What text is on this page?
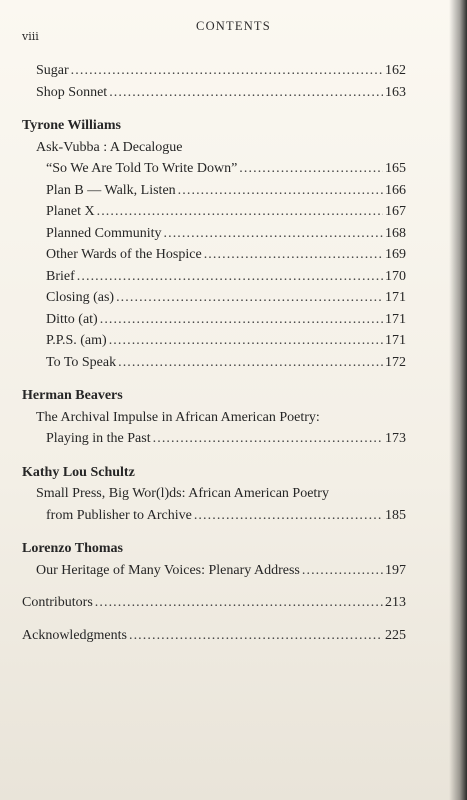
viii
CONTENTS
Sugar . . .	162
Shop Sonnet . . .	163
Tyrone Williams
Ask-Vubba : A Decalogue
“So We Are Told To Write Down” . . .	165
Plan B — Walk, Listen . . .	166
Planet X . . .	167
Planned Community . . .	168
Other Wards of the Hospice . . .	169
Brief . . .	170
Closing (as) . . .	171
Ditto (at) . . .	171
P.P.S. (am) . . .	171
To To Speak . . .	172
Herman Beavers
The Archival Impulse in African American Poetry:
Playing in the Past . . .	173
Kathy Lou Schultz
Small Press, Big Wor(l)ds: African American Poetry
from Publisher to Archive . . .	185
Lorenzo Thomas
Our Heritage of Many Voices: Plenary Address . . .	197
Contributors . . .	213
Acknowledgments . . .	225
